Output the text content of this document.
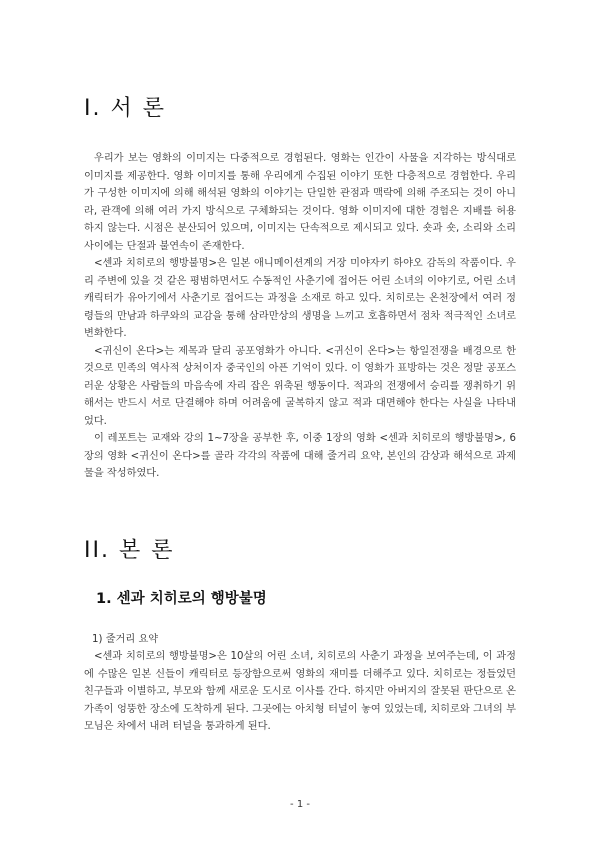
I. 서 론

우리가 보는 영화의 이미지는 다중적으로 경험된다. 영화는 인간이 사물을 지각하는 방식대로 이미지를 제공한다. 영화 이미지를 통해 우리에게 수집된 이야기 또한 다층적으로 경험한다. 우리가 구성한 이미지에 의해 해석된 영화의 이야기는 단일한 관점과 맥락에 의해 주조되는 것이 아니라, 관객에 의해 여러 가지 방식으로 구체화되는 것이다. 영화 이미지에 대한 경험은 지배를 허용하지 않는다. 시점은 분산되어 있으며, 이미지는 단속적으로 제시되고 있다. 숏과 숏, 소리와 소리 사이에는 단절과 불연속이 존재한다.

<센과 치히로의 행방불명>은 일본 애니메이션계의 거장 미야자키 하야오 감독의 작품이다. 우리 주변에 있을 것 같은 평범하면서도 수동적인 사춘기에 접어든 어린 소녀의 이야기로, 어린 소녀 캐릭터가 유아기에서 사춘기로 접어드는 과정을 소재로 하고 있다. 치히로는 온천장에서 여러 정령들의 만남과 하쿠와의 교감을 통해 삼라만상의 생명을 느끼고 호흡하면서 점차 적극적인 소녀로 변화한다.

<귀신이 온다>는 제목과 달리 공포영화가 아니다. <귀신이 온다>는 항일전쟁을 배경으로 한 것으로 민족의 역사적 상처이자 중국인의 아픈 기억이 있다. 이 영화가 표방하는 것은 정말 공포스러운 상황은 사람들의 마음속에 자리 잡은 위축된 행동이다. 적과의 전쟁에서 승리를 쟁취하기 위해서는 반드시 서로 단결해야 하며 어려움에 굴복하지 않고 적과 대면해야 한다는 사실을 나타내었다.

이 레포트는 교재와 강의 1~7장을 공부한 후, 이중 1장의 영화 <센과 치히로의 행방불명>, 6장의 영화 <귀신이 온다>를 골라 각각의 작품에 대해 줄거리 요약, 본인의 감상과 해석으로 과제물을 작성하였다.

II. 본 론
1. 센과 치히로의 행방불명
1) 줄거리 요약

<센과 치히로의 행방불명>은 10살의 어린 소녀, 치히로의 사춘기 과정을 보여주는데, 이 과정에 수많은 일본 신들이 캐릭터로 등장함으로써 영화의 재미를 더해주고 있다. 치히로는 정들었던 친구들과 이별하고, 부모와 함께 새로운 도시로 이사를 간다. 하지만 아버지의 잘못된 판단으로 온 가족이 엉뚱한 장소에 도착하게 된다. 그곳에는 아치형 터널이 놓여 있었는데, 치히로와 그녀의 부모님은 차에서 내려 터널을 통과하게 된다.

- 1 -
